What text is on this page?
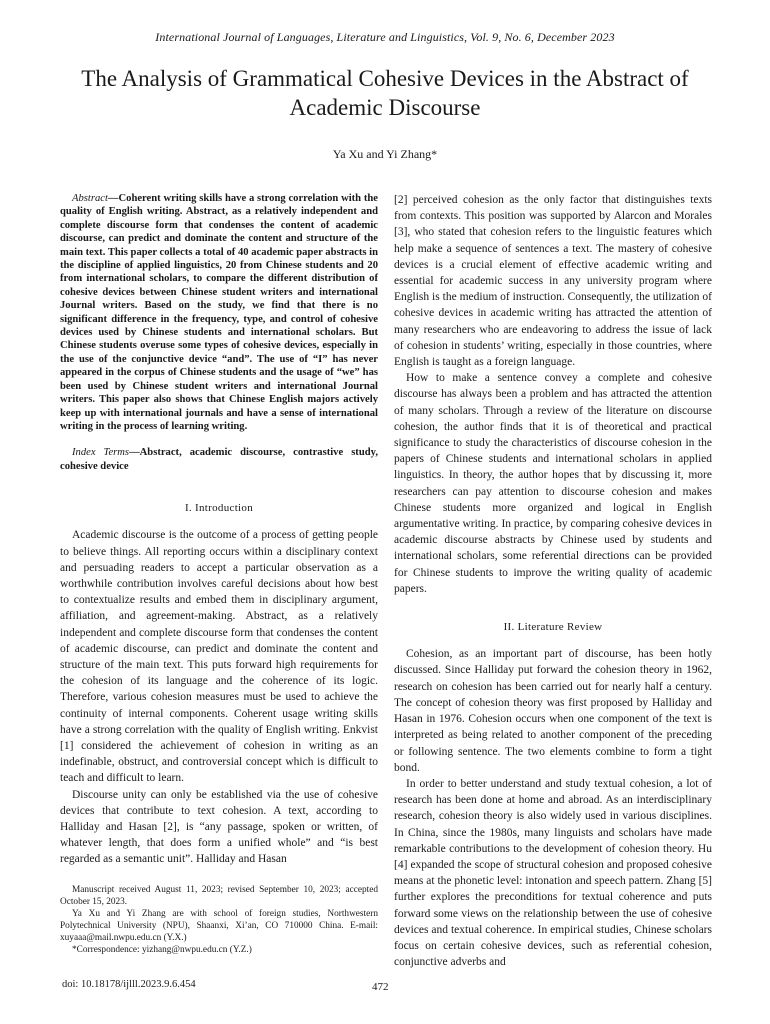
International Journal of Languages, Literature and Linguistics, Vol. 9, No. 6, December 2023
The Analysis of Grammatical Cohesive Devices in the Abstract of Academic Discourse
Ya Xu and Yi Zhang*

Abstract—Coherent writing skills have a strong correlation with the quality of English writing. Abstract, as a relatively independent and complete discourse form that condenses the content of academic discourse, can predict and dominate the content and structure of the main text. This paper collects a total of 40 academic paper abstracts in the discipline of applied linguistics, 20 from Chinese students and 20 from international scholars, to compare the different distribution of cohesive devices between Chinese student writers and international Journal writers. Based on the study, we find that there is no significant difference in the frequency, type, and control of cohesive devices used by Chinese students and international scholars. But Chinese students overuse some types of cohesive devices, especially in the use of the conjunctive device “and”. The use of “I” has never appeared in the corpus of Chinese students and the usage of “we” has been used by Chinese student writers and international Journal writers. This paper also shows that Chinese English majors actively keep up with international journals and have a sense of international writing in the process of learning writing.

Index Terms—Abstract, academic discourse, contrastive study, cohesive device

I. Introduction

Academic discourse is the outcome of a process of getting people to believe things. All reporting occurs within a disciplinary context and persuading readers to accept a particular observation as a worthwhile contribution involves careful decisions about how best to contextualize results and embed them in disciplinary argument, affiliation, and agreement-making. Abstract, as a relatively independent and complete discourse form that condenses the content of academic discourse, can predict and dominate the content and structure of the main text. This puts forward high requirements for the cohesion of its language and the coherence of its logic. Therefore, various cohesion measures must be used to achieve the continuity of internal components. Coherent usage writing skills have a strong correlation with the quality of English writing. Enkvist [1] considered the achievement of cohesion in writing as an indefinable, obstruct, and controversial concept which is difficult to teach and difficult to learn.

Discourse unity can only be established via the use of cohesive devices that contribute to text cohesion. A text, according to Halliday and Hasan [2], is “any passage, spoken or written, of whatever length, that does form a unified whole” and “is best regarded as a semantic unit”. Halliday and Hasan

[2] perceived cohesion as the only factor that distinguishes texts from contexts. This position was supported by Alarcon and Morales [3], who stated that cohesion refers to the linguistic features which help make a sequence of sentences a text. The mastery of cohesive devices is a crucial element of effective academic writing and essential for academic success in any university program where English is the medium of instruction. Consequently, the utilization of cohesive devices in academic writing has attracted the attention of many researchers who are endeavoring to address the issue of lack of cohesion in students’ writing, especially in those countries, where English is taught as a foreign language.

How to make a sentence convey a complete and cohesive discourse has always been a problem and has attracted the attention of many scholars. Through a review of the literature on discourse cohesion, the author finds that it is of theoretical and practical significance to study the characteristics of discourse cohesion in the papers of Chinese students and international scholars in applied linguistics. In theory, the author hopes that by discussing it, more researchers can pay attention to discourse cohesion and makes Chinese students more organized and logical in English argumentative writing. In practice, by comparing cohesive devices in academic discourse abstracts by Chinese used by students and international scholars, some referential directions can be provided for Chinese students to improve the writing quality of academic papers.

II. Literature Review

Cohesion, as an important part of discourse, has been hotly discussed. Since Halliday put forward the cohesion theory in 1962, research on cohesion has been carried out for nearly half a century. The concept of cohesion theory was first proposed by Halliday and Hasan in 1976. Cohesion occurs when one component of the text is interpreted as being related to another component of the preceding or following sentence. The two elements combine to form a tight bond.

In order to better understand and study textual cohesion, a lot of research has been done at home and abroad. As an interdisciplinary research, cohesion theory is also widely used in various disciplines. In China, since the 1980s, many linguists and scholars have made remarkable contributions to the development of cohesion theory. Hu [4] expanded the scope of structural cohesion and proposed cohesive means at the phonetic level: intonation and speech pattern. Zhang [5] further explores the preconditions for textual coherence and puts forward some views on the relationship between the use of cohesive devices and textual coherence. In empirical studies, Chinese scholars focus on certain cohesive devices, such as referential cohesion, conjunctive adverbs and

Manuscript received August 11, 2023; revised September 10, 2023; accepted October 15, 2023.

Ya Xu and Yi Zhang are with school of foreign studies, Northwestern Polytechnical University (NPU), Shaanxi, Xi’an, CO 710000 China. E-mail: xuyaaa@mail.nwpu.edu.cn (Y.X.)

*Correspondence: yizhang@nwpu.edu.cn (Y.Z.)

doi: 10.18178/ijlll.2023.9.6.454	472
